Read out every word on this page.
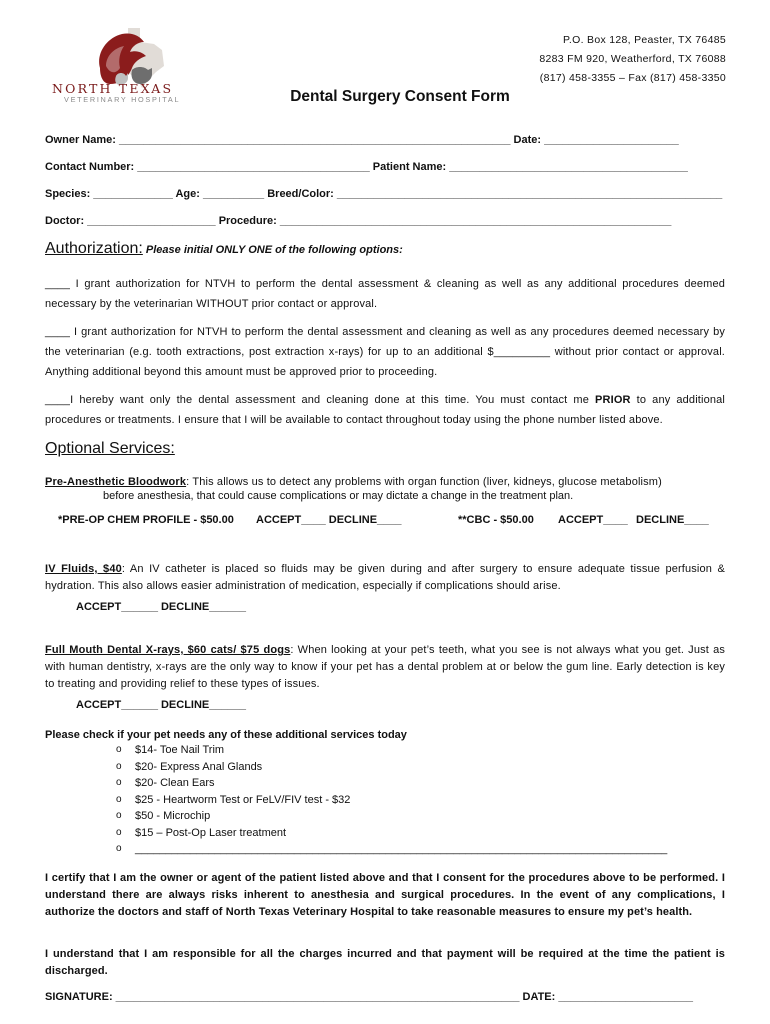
NORTH TEXAS
VETERINARY HOSPITAL
P.O. Box 128, Peaster, TX 76485
8283 FM 920, Weatherford, TX 76088
(817) 458-3355 – Fax (817) 458-3350
Dental Surgery Consent Form
Owner Name: ________________________________________________________________ Date: ______________________
Contact Number: ______________________________________ Patient Name: _______________________________________
Species: _____________ Age: __________ Breed/Color: _______________________________________________________________
Doctor: _____________________ Procedure: ________________________________________________________________
Authorization: Please initial ONLY ONE of the following options:
____ I grant authorization for NTVH to perform the dental assessment & cleaning as well as any additional procedures deemed necessary by the veterinarian WITHOUT prior contact or approval.
____ I grant authorization for NTVH to perform the dental assessment and cleaning as well as any procedures deemed necessary by the veterinarian (e.g. tooth extractions, post extraction x-rays) for up to an additional $_________ without prior contact or approval. Anything additional beyond this amount must be approved prior to proceeding.
____I hereby want only the dental assessment and cleaning done at this time. You must contact me PRIOR to any additional procedures or treatments. I ensure that I will be available to contact throughout today using the phone number listed above.
Optional Services:
Pre-Anesthetic Bloodwork: This allows us to detect any problems with organ function (liver, kidneys, glucose metabolism)
before anesthesia, that could cause complications or may dictate a change in the treatment plan.
*PRE-OP CHEM PROFILE - $50.00 ACCEPT____ DECLINE____	**CBC - $50.00 ACCEPT____ DECLINE____
IV Fluids, $40: An IV catheter is placed so fluids may be given during and after surgery to ensure adequate tissue perfusion & hydration. This also allows easier administration of medication, especially if complications should arise.
ACCEPT______ DECLINE______
Full Mouth Dental X-rays, $60 cats/ $75 dogs: When looking at your pet’s teeth, what you see is not always what you get. Just as with human dentistry, x-rays are the only way to know if your pet has a dental problem at or below the gum line. Early detection is key to treating and providing relief to these types of issues.
ACCEPT______ DECLINE______
Please check if your pet needs any of these additional services today
o $14- Toe Nail Trim
o $20- Express Anal Glands
o $20- Clean Ears
o $25 - Heartworm Test or FeLV/FIV test - $32
o $50 - Microchip
o $15 – Post-Op Laser treatment
o _______________________________________________________________________________________
I certify that I am the owner or agent of the patient listed above and that I consent for the procedures above to be performed. I understand there are always risks inherent to anesthesia and surgical procedures. In the event of any complications, I authorize the doctors and staff of North Texas Veterinary Hospital to take reasonable measures to ensure my pet’s health.
I understand that I am responsible for all the charges incurred and that payment will be required at the time the patient is discharged.
SIGNATURE: __________________________________________________________________ DATE: ______________________
